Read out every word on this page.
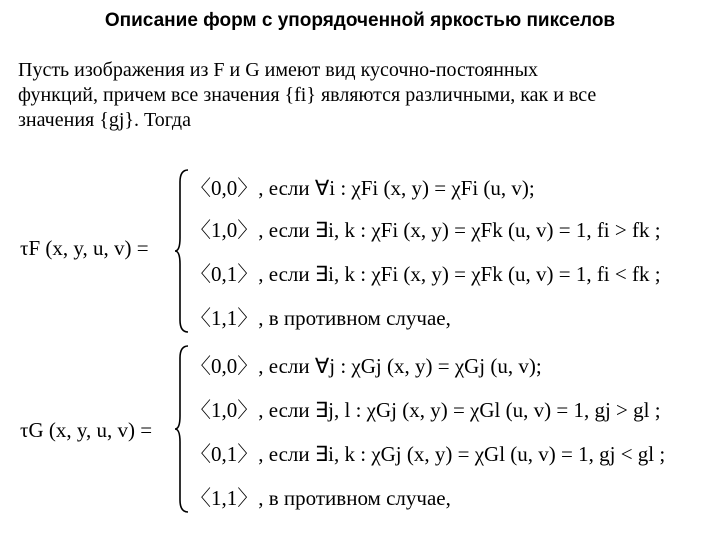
Описание форм с упорядоченной яркостью пикселов
Пусть изображения из F и G имеют вид кусочно-постоянных
функций, причем все значения {fi} являются различными, как и все
значения {gj}. Тогда
τF (x, y, u, v) =
〈0,0〉, если ∀i : χFi (x, y) = χFi (u, v);
〈1,0〉, если ∃i, k : χFi (x, y) = χFk (u, v) = 1, fi > fk ;
〈0,1〉, если ∃i, k : χFi (x, y) = χFk (u, v) = 1, fi < fk ;
〈1,1〉, в противном случае,
τG (x, y, u, v) =
〈0,0〉, если ∀j : χGj (x, y) = χGj (u, v);
〈1,0〉, если ∃j, l : χGj (x, y) = χGl (u, v) = 1, gj > gl ;
〈0,1〉, если ∃i, k : χGj (x, y) = χGl (u, v) = 1, gj < gl ;
〈1,1〉, в противном случае,
